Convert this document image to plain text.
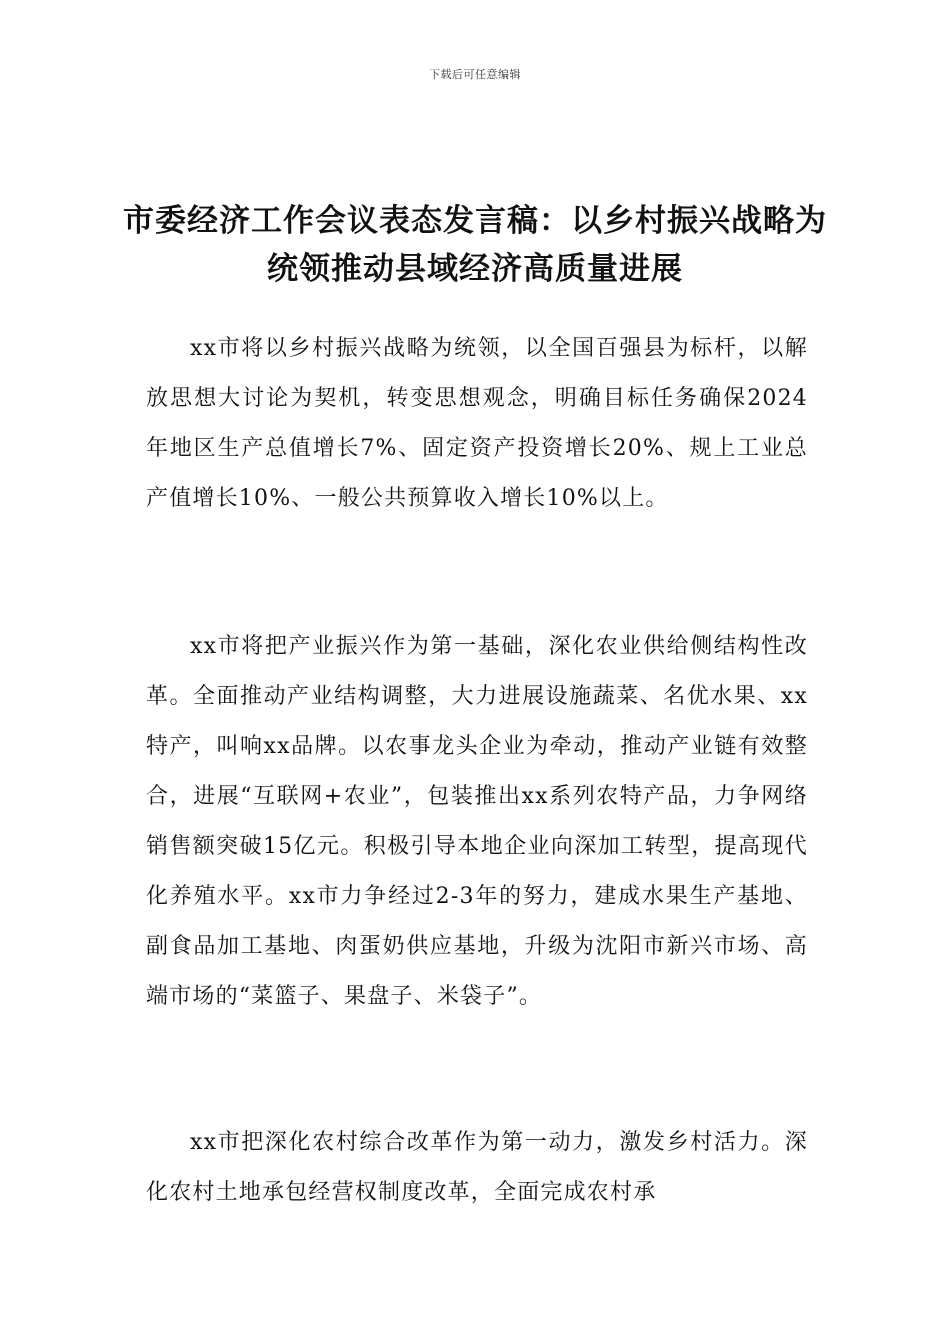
下载后可任意编辑
市委经济工作会议表态发言稿：以乡村振兴战略为统领推动县域经济高质量进展

xx市将以乡村振兴战略为统领，以全国百强县为标杆，以解放思想大讨论为契机，转变思想观念，明确目标任务确保2024年地区生产总值增长7%、固定资产投资增长20%、规上工业总产值增长10%、一般公共预算收入增长10%以上。

xx市将把产业振兴作为第一基础，深化农业供给侧结构性改革。全面推动产业结构调整，大力进展设施蔬菜、名优水果、xx特产，叫响xx品牌。以农事龙头企业为牵动，推动产业链有效整合，进展“互联网+农业”，包装推出xx系列农特产品，力争网络销售额突破15亿元。积极引导本地企业向深加工转型，提高现代化养殖水平。xx市力争经过2-3年的努力，建成水果生产基地、副食品加工基地、肉蛋奶供应基地，升级为沈阳市新兴市场、高端市场的“菜篮子、果盘子、米袋子”。

xx市把深化农村综合改革作为第一动力，激发乡村活力。深化农村土地承包经营权制度改革，全面完成农村承
